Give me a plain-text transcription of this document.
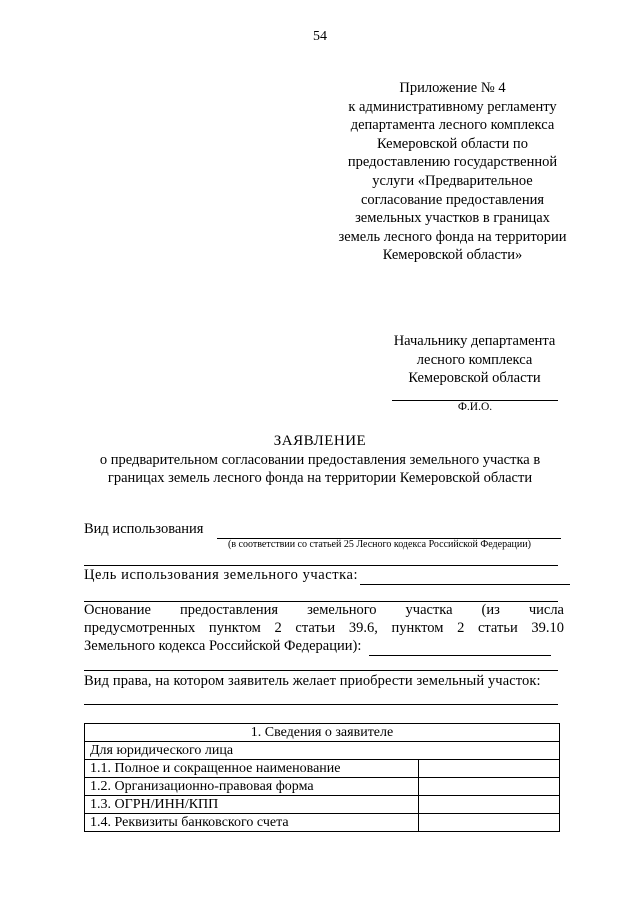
54
Приложение № 4
к административному регламенту
департамента лесного комплекса
Кемеровской области по
предоставлению государственной
услуги «Предварительное
согласование предоставления
земельных участков в границах
земель лесного фонда на территории
Кемеровской области»
Начальнику департамента
лесного комплекса
Кемеровской области
Ф.И.О.
ЗАЯВЛЕНИЕ
о предварительном согласовании предоставления земельного участка в
границах земель лесного фонда на территории Кемеровской области
Вид использования
(в соответствии со статьей 25 Лесного кодекса Российской Федерации)
Цель использования земельного участка:
Основание предоставления земельного участка (из числа
предусмотренных пунктом 2 статьи 39.6, пунктом 2 статьи 39.10
Земельного кодекса Российской Федерации):
Вид права, на котором заявитель желает приобрести земельный участок:
1. Сведения о заявителе	
Для юридического лица	
1.1. Полное и сокращенное наименование	
1.2. Организационно-правовая форма	
1.3. ОГРН/ИНН/КПП	
1.4. Реквизиты банковского счета	
